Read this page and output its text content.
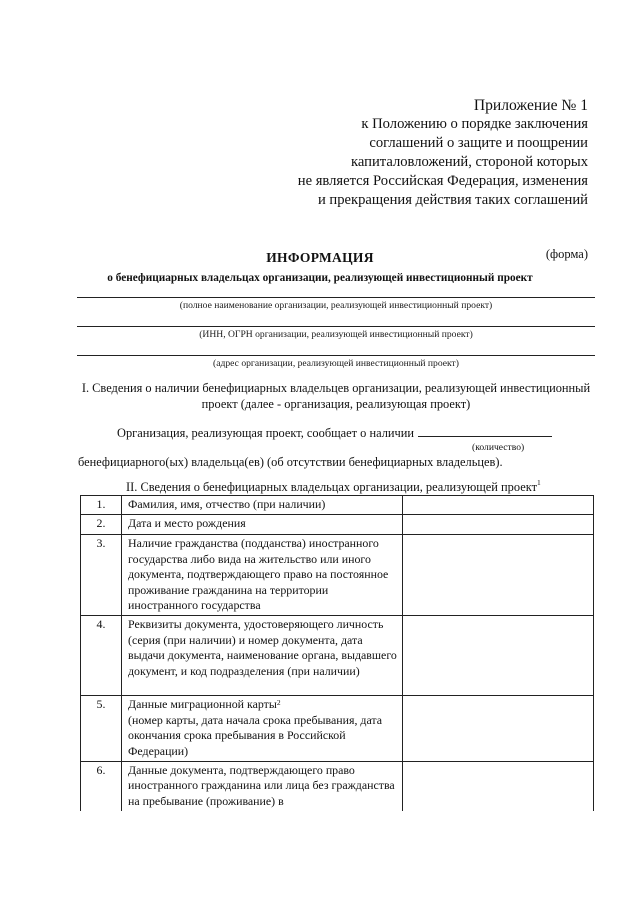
Приложение № 1
к Положению о порядке заключения
соглашений о защите и поощрении
капиталовложений, стороной которых
не является Российская Федерация, изменения
и прекращения действия таких соглашений
(форма)
ИНФОРМАЦИЯ
о бенефициарных владельцах организации, реализующей инвестиционный проект
(полное наименование организации, реализующей инвестиционный проект)
(ИНН, ОГРН организации, реализующей инвестиционный проект)
(адрес организации, реализующей инвестиционный проект)
I. Сведения о наличии бенефициарных владельцев организации, реализующей инвестиционный проект (далее - организация, реализующая проект)
Организация, реализующая проект, сообщает о наличии
(количество)
бенефициарного(ых) владельца(ев) (об отсутствии бенефициарных владельцев).
II. Сведения о бенефициарных владельцах организации, реализующей проект$^1$
1.	Фамилия, имя, отчество (при наличии)	
2.	Дата и место рождения	
3.	Наличие гражданства (подданства) иностранного государства либо вида на жительство или иного документа, подтверждающего право на постоянное проживание гражданина на территории иностранного государства	
4.	Реквизиты документа, удостоверяющего личность (серия (при наличии) и номер документа, дата выдачи документа, наименование органа, выдавшего документ, и код подразделения (при наличии)	
5.	Данные миграционной карты$^2$
(номер карты, дата начала срока пребывания, дата окончания срока пребывания в Российской Федерации)	
6.	Данные документа, подтверждающего право иностранного гражданина или лица без гражданства на пребывание (проживание) в	
